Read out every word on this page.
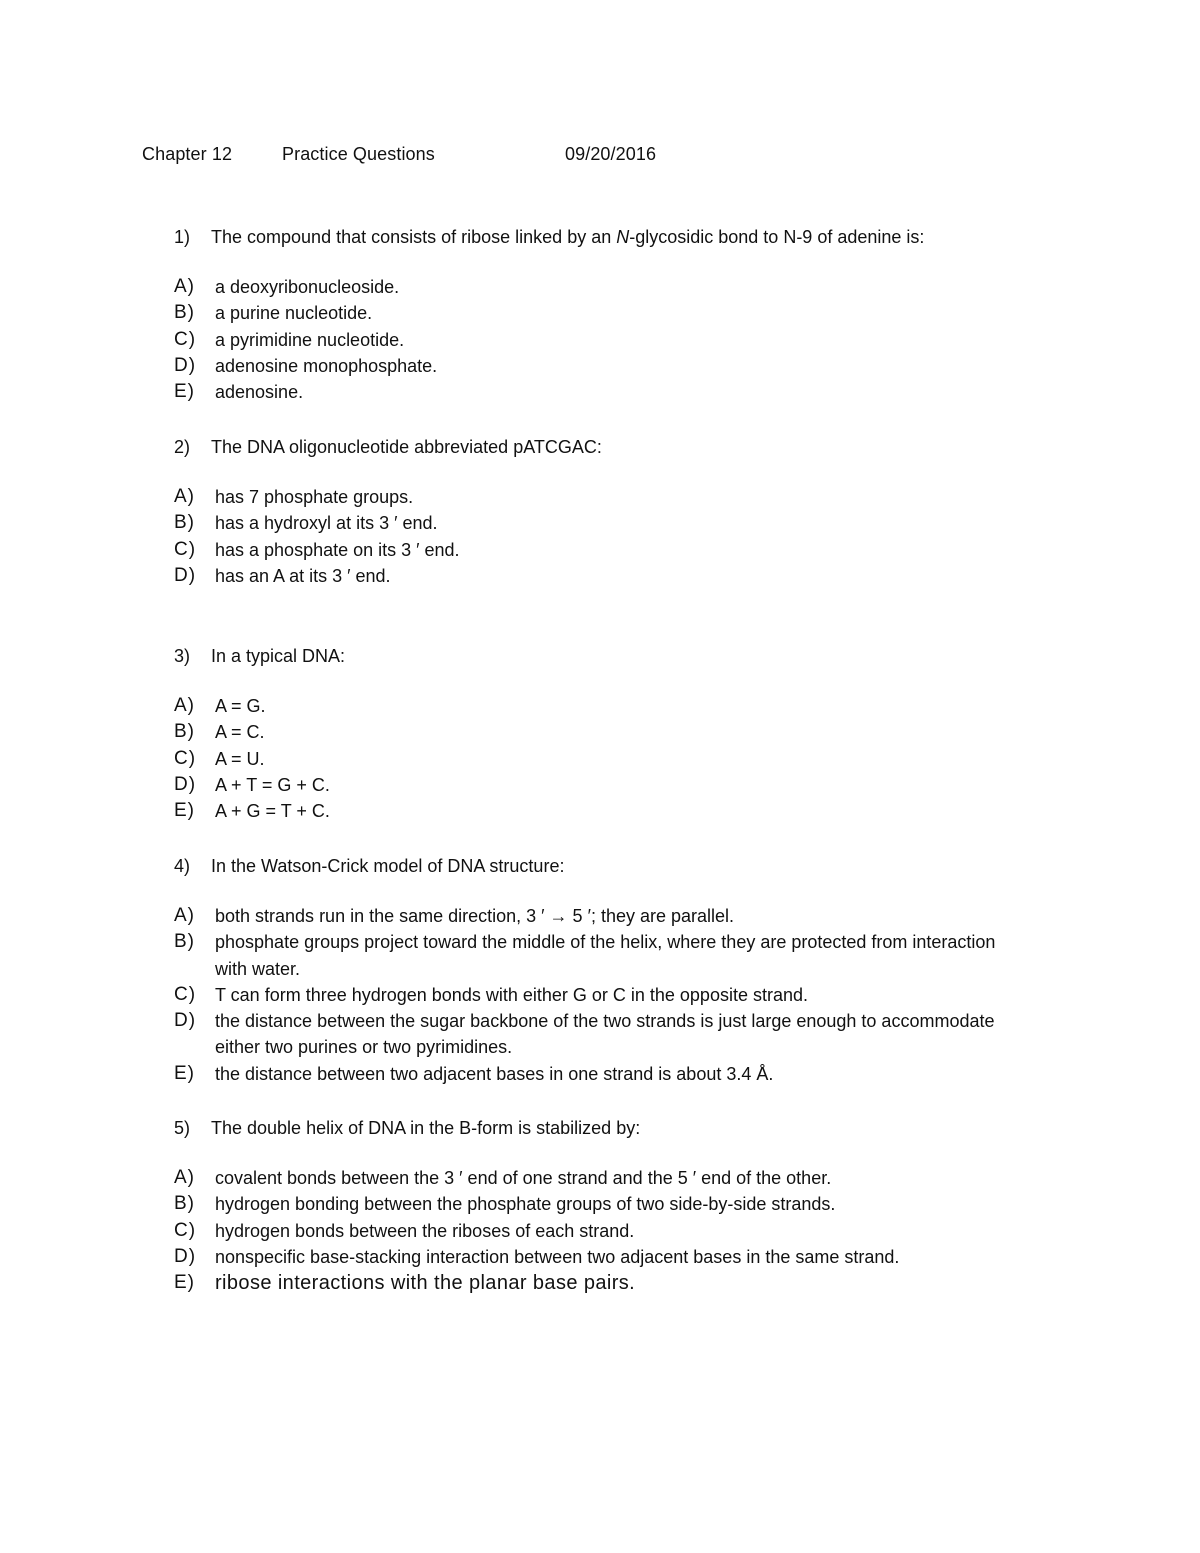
Chapter 12	Practice Questions	09/20/2016
1) The compound that consists of ribose linked by an N-glycosidic bond to N-9 of adenine is:
A) a deoxyribonucleoside.
B) a purine nucleotide.
C) a pyrimidine nucleotide.
D) adenosine monophosphate.
E) adenosine.
2) The DNA oligonucleotide abbreviated pATCGAC:
A) has 7 phosphate groups.
B) has a hydroxyl at its 3 ′ end.
C) has a phosphate on its 3 ′ end.
D) has an A at its 3 ′ end.
3) In a typical DNA:
A) A = G.
B) A = C.
C) A = U.
D) A + T = G + C.
E) A + G = T + C.
4) In the Watson-Crick model of DNA structure:
A) both strands run in the same direction, 3 ′ → 5 ′; they are parallel.
B) phosphate groups project toward the middle of the helix, where they are protected from interaction with water.
C) T can form three hydrogen bonds with either G or C in the opposite strand.
D) the distance between the sugar backbone of the two strands is just large enough to accommodate either two purines or two pyrimidines.
E) the distance between two adjacent bases in one strand is about 3.4 Å.
5) The double helix of DNA in the B-form is stabilized by:
A) covalent bonds between the 3 ′ end of one strand and the 5 ′ end of the other.
B) hydrogen bonding between the phosphate groups of two side-by-side strands.
C) hydrogen bonds between the riboses of each strand.
D) nonspecific base-stacking interaction between two adjacent bases in the same strand.
E) ribose interactions with the planar base pairs.
